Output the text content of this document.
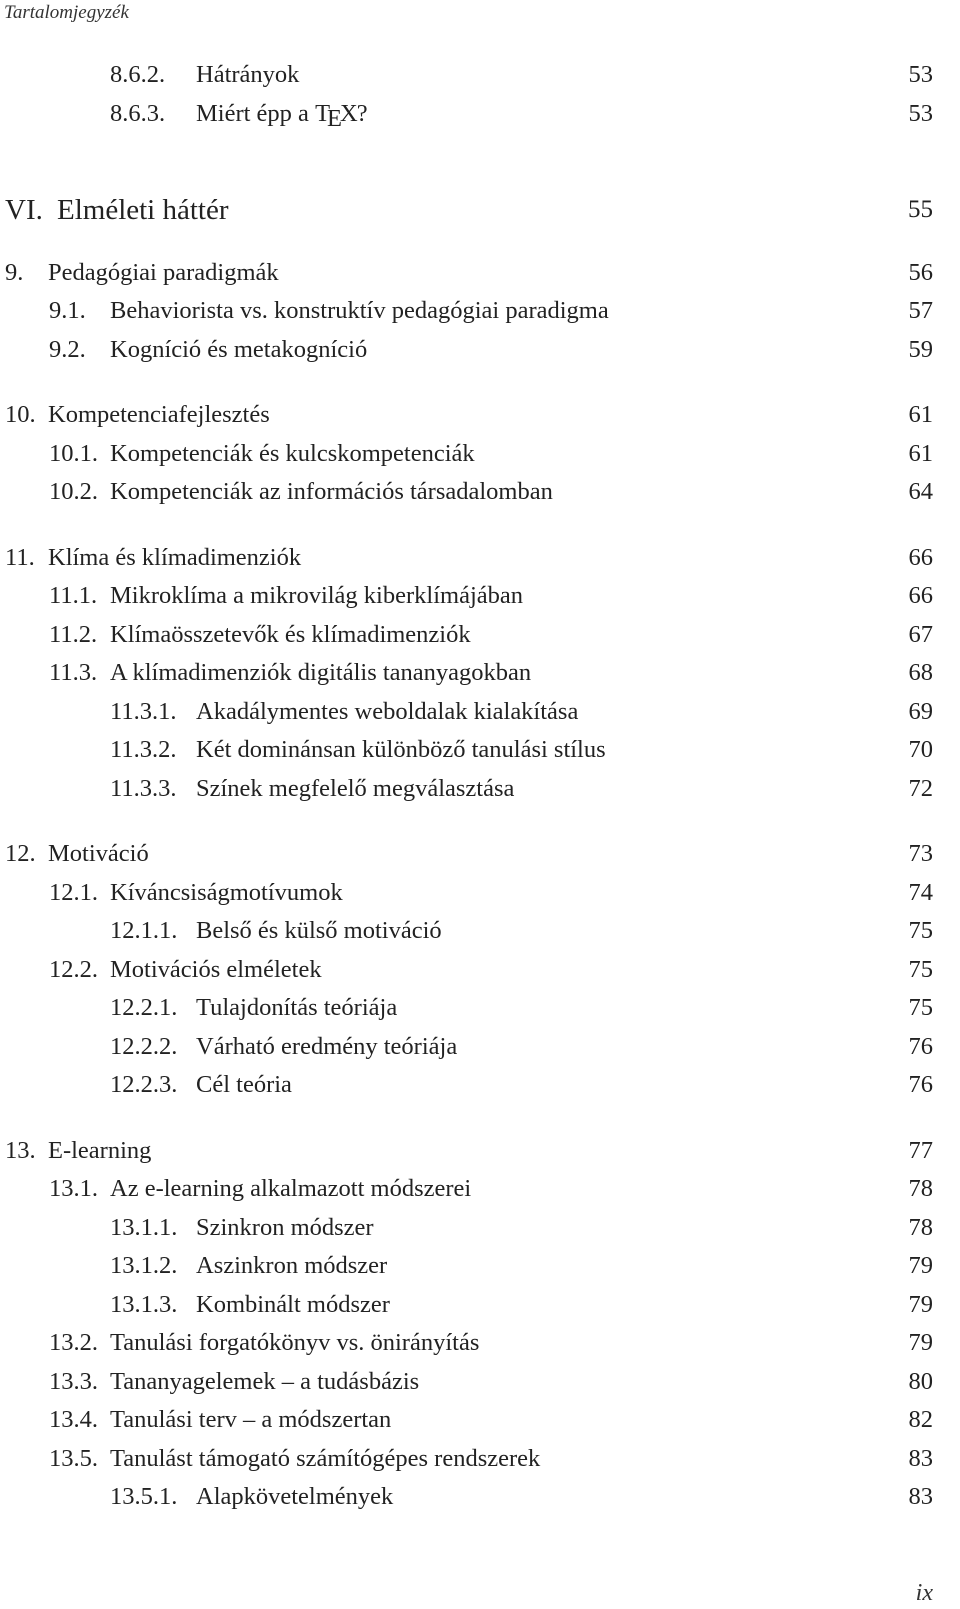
Tartalomjegyzék
8.6.2. Hátrányok	53
8.6.3. Miért épp a TEX?	53
VI. Elméleti háttér	55
9. Pedagógiai paradigmák	56
9.1. Behaviorista vs. konstruktív pedagógiai paradigma	57
9.2. Kogníció és metakogníció	59
10. Kompetenciafejlesztés	61
10.1. Kompetenciák és kulcskompetenciák	61
10.2. Kompetenciák az információs társadalomban	64
11. Klíma és klímadimenziók	66
11.1. Mikroklíma a mikrovilág kiberklímájában	66
11.2. Klímaösszetevők és klímadimenziók	67
11.3. A klímadimenziók digitális tananyagokban	68
11.3.1. Akadálymentes weboldalak kialakítása	69
11.3.2. Két dominánsan különböző tanulási stílus	70
11.3.3. Színek megfelelő megválasztása	72
12. Motiváció	73
12.1. Kíváncsiságmotívumok	74
12.1.1. Belső és külső motiváció	75
12.2. Motivációs elméletek	75
12.2.1. Tulajdonítás teóriája	75
12.2.2. Várható eredmény teóriája	76
12.2.3. Cél teória	76
13. E-learning	77
13.1. Az e-learning alkalmazott módszerei	78
13.1.1. Szinkron módszer	78
13.1.2. Aszinkron módszer	79
13.1.3. Kombinált módszer	79
13.2. Tanulási forgatókönyv vs. önirányítás	79
13.3. Tananyagelemek – a tudásbázis	80
13.4. Tanulási terv – a módszertan	82
13.5. Tanulást támogató számítógépes rendszerek	83
13.5.1. Alapkövetelmények	83
ix
